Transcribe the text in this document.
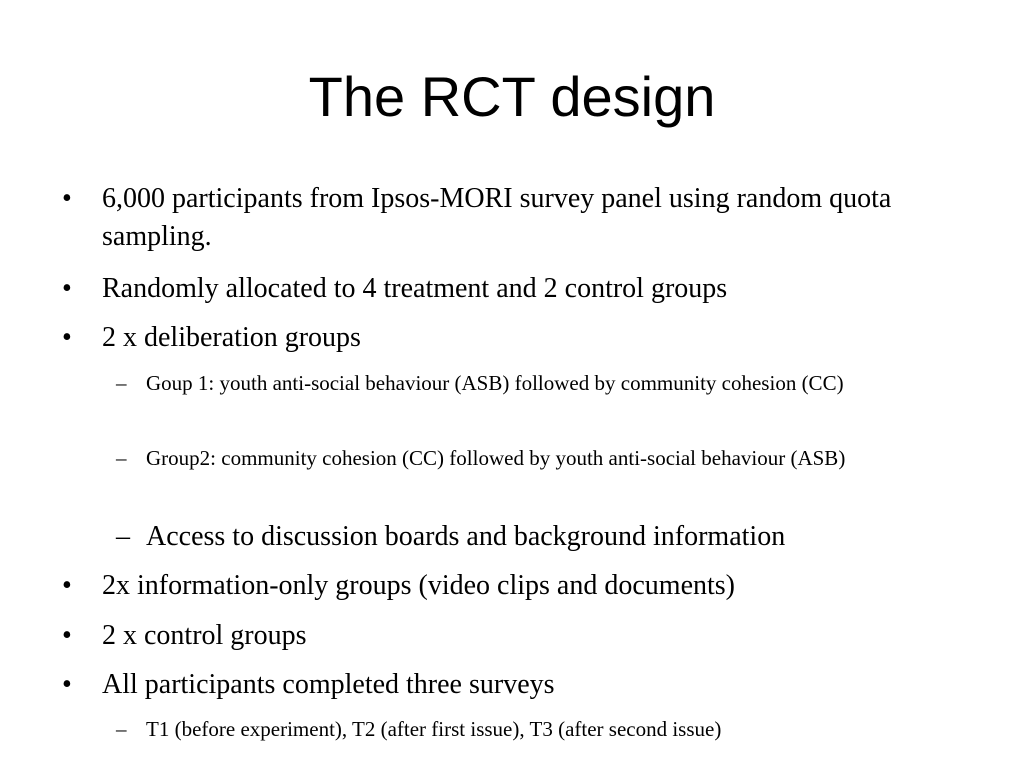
The RCT design
• 6,000 participants from Ipsos-MORI survey panel using random quota sampling.
• Randomly allocated to 4 treatment and 2 control groups
• 2 x deliberation groups
– Goup 1: youth anti-social behaviour (ASB) followed by community cohesion (CC)
– Group2: community cohesion (CC) followed by youth anti-social behaviour (ASB)
– Access to discussion boards and background information
• 2x information-only groups (video clips and documents)
• 2 x control groups
• All participants completed three surveys
– T1 (before experiment), T2 (after first issue), T3 (after second issue)
